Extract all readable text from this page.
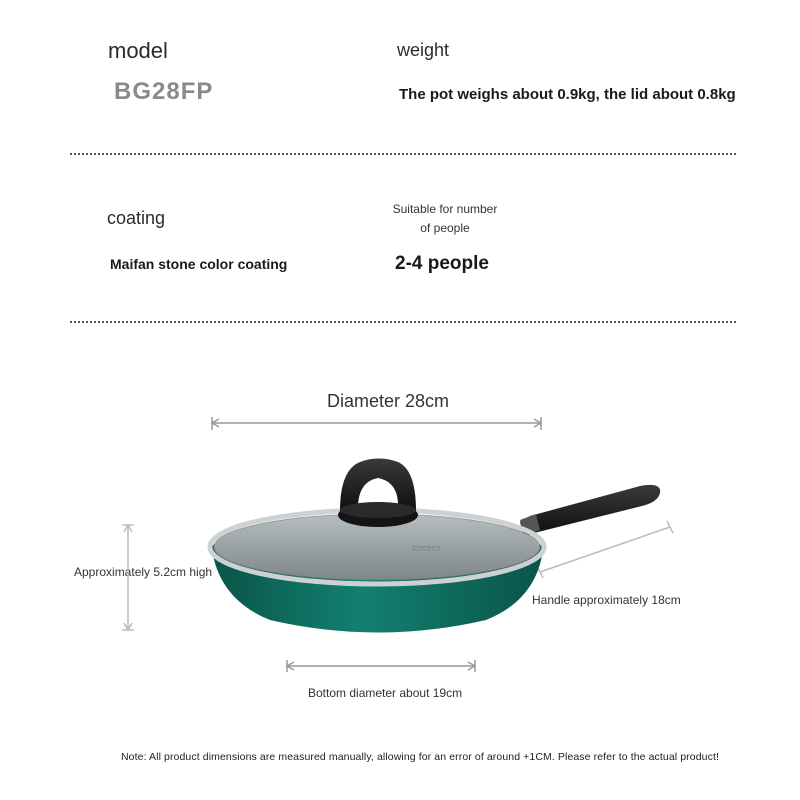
model
BG28FP
weight
The pot weighs about 0.9kg, the lid about 0.8kg
coating
Maifan stone color coating
Suitable for number
of people
2-4 people
Diameter 28cm
Approximately 5.2cm high
Handle approximately 18cm
Bottom diameter about 19cm
▭▭▭
Note: All product dimensions are measured manually, allowing for an error of around +1CM. Please refer to the actual product!
